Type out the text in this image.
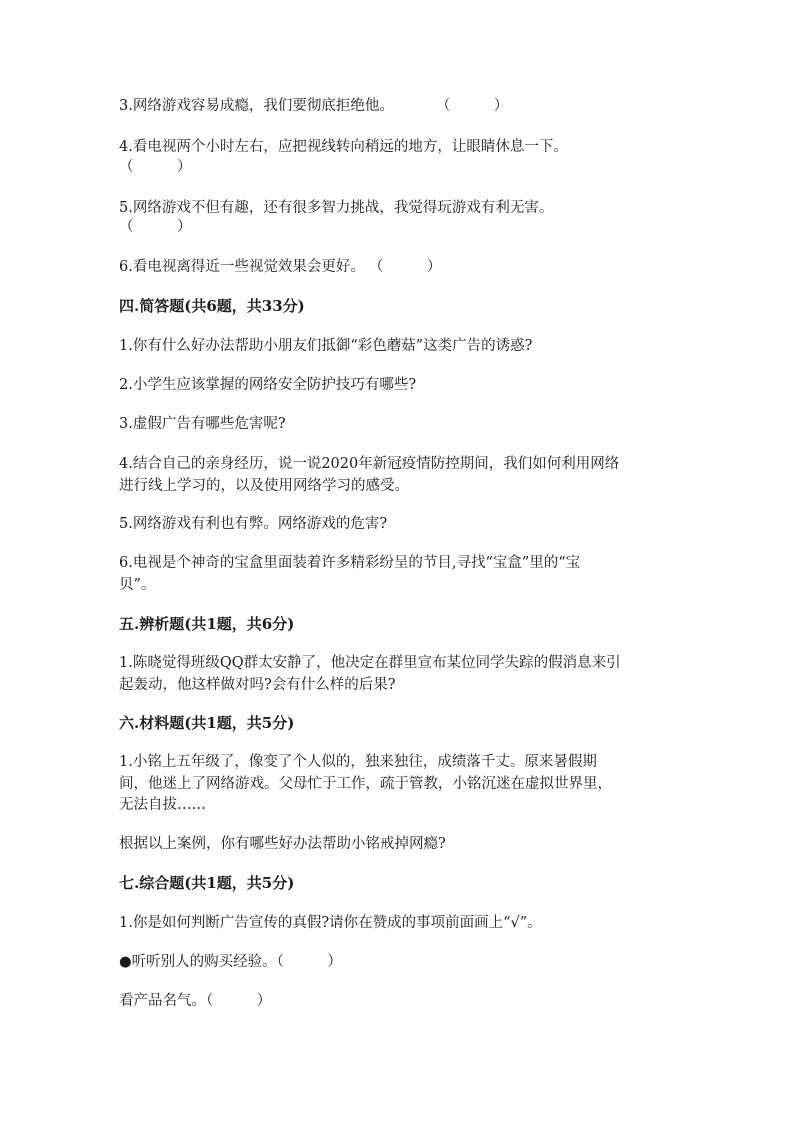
3.网络游戏容易成瘾，我们要彻底拒绝他。	（　　　）
4.看电视两个小时左右，应把视线转向稍远的地方，让眼睛休息一下。
（　　　）
5.网络游戏不但有趣，还有很多智力挑战，我觉得玩游戏有利无害。
（　　　）
6.看电视离得近一些视觉效果会更好。 （　　　）
四.简答题(共6题，共33分)
1.你有什么好办法帮助小朋友们抵御“彩色蘑菇”这类广告的诱惑?
2.小学生应该掌握的网络安全防护技巧有哪些?
3.虚假广告有哪些危害呢?
4.结合自己的亲身经历，说一说2020年新冠疫情防控期间，我们如何利用网络
进行线上学习的，以及使用网络学习的感受。
5.网络游戏有利也有弊。网络游戏的危害?
6.电视是个神奇的宝盒里面装着许多精彩纷呈的节目,寻找“宝盒”里的“宝
贝”。
五.辨析题(共1题，共6分)
1.陈晓觉得班级QQ群太安静了，他决定在群里宣布某位同学失踪的假消息来引
起轰动，他这样做对吗?会有什么样的后果?
六.材料题(共1题，共5分)
1.小铭上五年级了，像变了个人似的，独来独往，成绩落千丈。原来暑假期
间，他迷上了网络游戏。父母忙于工作，疏于管教，小铭沉迷在虚拟世界里，
无法自拔……
根据以上案例，你有哪些好办法帮助小铭戒掉网瘾?
七.综合题(共1题，共5分)
1.你是如何判断广告宣传的真假?请你在赞成的事项前面画上“√”。
●听听别人的购买经验。（　　　）
看产品名气。（　　　）
